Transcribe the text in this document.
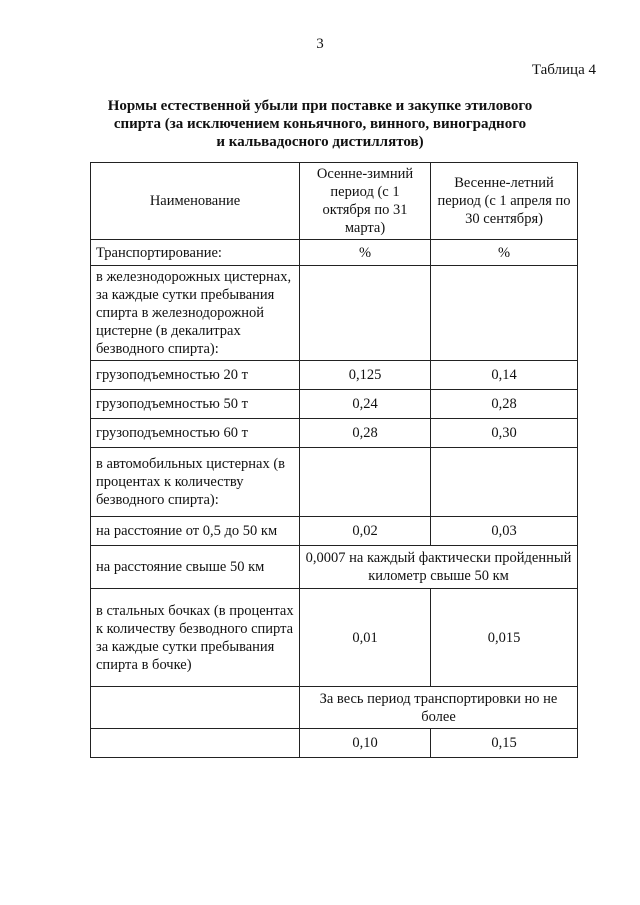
3
Таблица 4
Нормы естественной убыли при поставке и закупке этилового
спирта (за исключением коньячного, винного, виноградного
и кальвадосного дистиллятов)
Наименование	Осенне-зимний период (с 1 октября по 31 марта)	Весенне-летний период (с 1 апреля по 30 сентября)
Транспортирование:	%	%
в железнодорожных цистернах, за каждые сутки пребывания спирта в железнодорожной цистерне (в декалитрах безводного спирта):		
грузоподъемностью 20 т	0,125	0,14
грузоподъемностью 50 т	0,24	0,28
грузоподъемностью 60 т	0,28	0,30
в автомобильных цистернах (в процентах к количеству безводного спирта):		
на расстояние от 0,5 до 50 км	0,02	0,03
на расстояние свыше 50 км	0,0007 на каждый фактически пройденный километр свыше 50 км	
в стальных бочках (в процентах к количеству безводного спирта за каждые сутки пребывания спирта в бочке)	0,01	0,015
	За весь период транспортировки но не более	
	0,10	0,15
